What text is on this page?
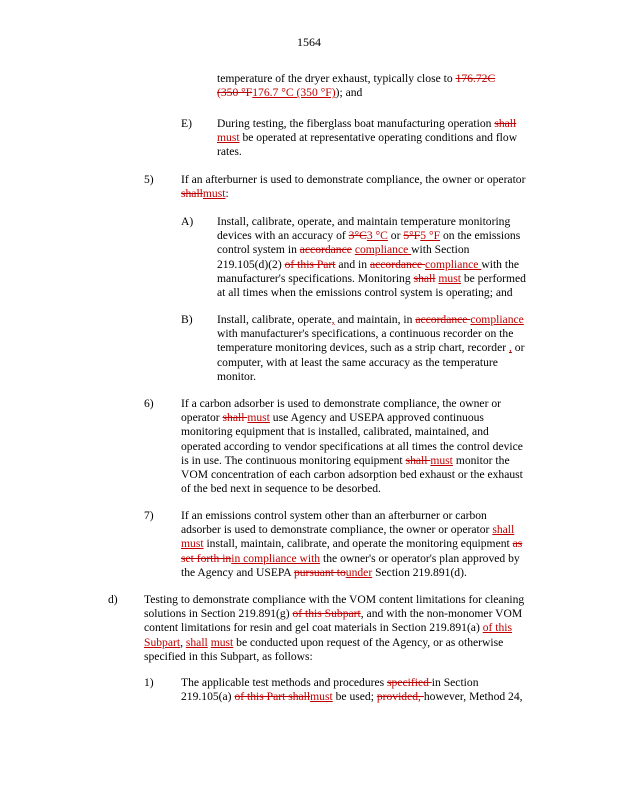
1564
temperature of the dryer exhaust, typically close to 176.72C
(350 °F176.7 °C (350 °F)); and
E) During testing, the fiberglass boat manufacturing operation shall
must be operated at representative operating conditions and flow
rates.
5) If an afterburner is used to demonstrate compliance, the owner or operator
shallmust:
A) Install, calibrate, operate, and maintain temperature monitoring
devices with an accuracy of 3°C3 °C or 5°F5 °F on the emissions
control system in accordance compliance with Section
219.105(d)(2) of this Part and in accordance compliance with the
manufacturer's specifications. Monitoring shall must be performed
at all times when the emissions control system is operating; and
B) Install, calibrate, operate, and maintain, in accordance compliance
with manufacturer's specifications, a continuous recorder on the
temperature monitoring devices, such as a strip chart, recorder , or
computer, with at least the same accuracy as the temperature
monitor.
6) If a carbon adsorber is used to demonstrate compliance, the owner or
operator shall must use Agency and USEPA approved continuous
monitoring equipment that is installed, calibrated, maintained, and
operated according to vendor specifications at all times the control device
is in use. The continuous monitoring equipment shall must monitor the
VOM concentration of each carbon adsorption bed exhaust or the exhaust
of the bed next in sequence to be desorbed.
7) If an emissions control system other than an afterburner or carbon
adsorber is used to demonstrate compliance, the owner or operator shall
must install, maintain, calibrate, and operate the monitoring equipment as
set forth inin compliance with the owner's or operator's plan approved by
the Agency and USEPA pursuant tounder Section 219.891(d).
d) Testing to demonstrate compliance with the VOM content limitations for cleaning
solutions in Section 219.891(g) of this Subpart, and with the non-monomer VOM
content limitations for resin and gel coat materials in Section 219.891(a) of this
Subpart, shall must be conducted upon request of the Agency, or as otherwise
specified in this Subpart, as follows:
1) The applicable test methods and procedures specified in Section
219.105(a) of this Part shallmust be used; provided, however, Method 24,
